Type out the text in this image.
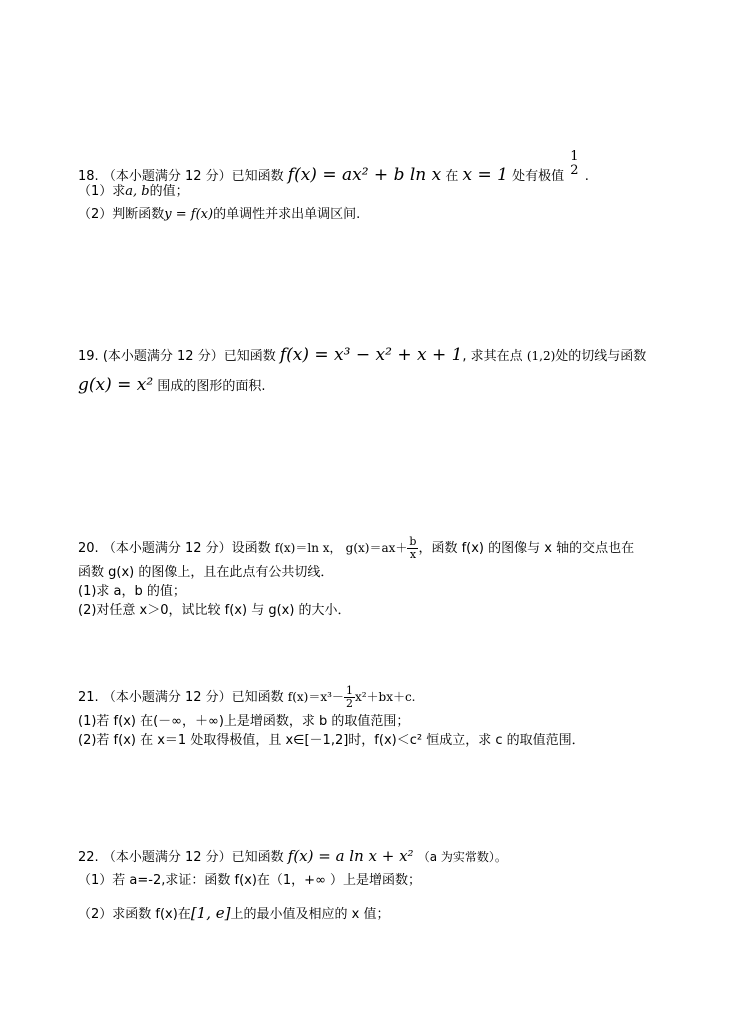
18. （本小题满分 12 分）已知函数 f(x) = ax² + b ln x 在 x = 1 处有极值
1
2 .
（1）求a, b的值；
（2）判断函数y = f(x)的单调性并求出单调区间.
19. (本小题满分 12 分）已知函数 f(x) = x³ − x² + x + 1, 求其在点 (1,2)处的切线与函数
g(x) = x² 围成的图形的面积.
20. （本小题满分 12 分）设函数 f(x)＝ln x， $g(x)=ax+ \frac{b}{x}$ ，函数 f(x) 的图像与 x 轴的交点也在
函数 g(x) 的图像上，且在此点有公共切线．
(1)求 a，b 的值；
(2)对任意 x＞0，试比较 f(x) 与 g(x) 的大小．
21. （本小题满分 12 分）已知函数 $f(x)=x^3- \frac{1}{2} x^2+bx+c$.
(1)若 f(x) 在(－∞，＋∞)上是增函数，求 b 的取值范围；
(2)若 f(x) 在 x＝1 处取得极值，且 x∈[－1,2]时，f(x)＜c² 恒成立，求 c 的取值范围．
22. （本小题满分 12 分）已知函数 f(x) = a ln x + x² （a 为实常数）。
（1）若 a=-2,求证：函数 f(x)在（1，+∞ ）上是增函数；
（2）求函数 f(x)在[1, e]上的最小值及相应的 x 值；
